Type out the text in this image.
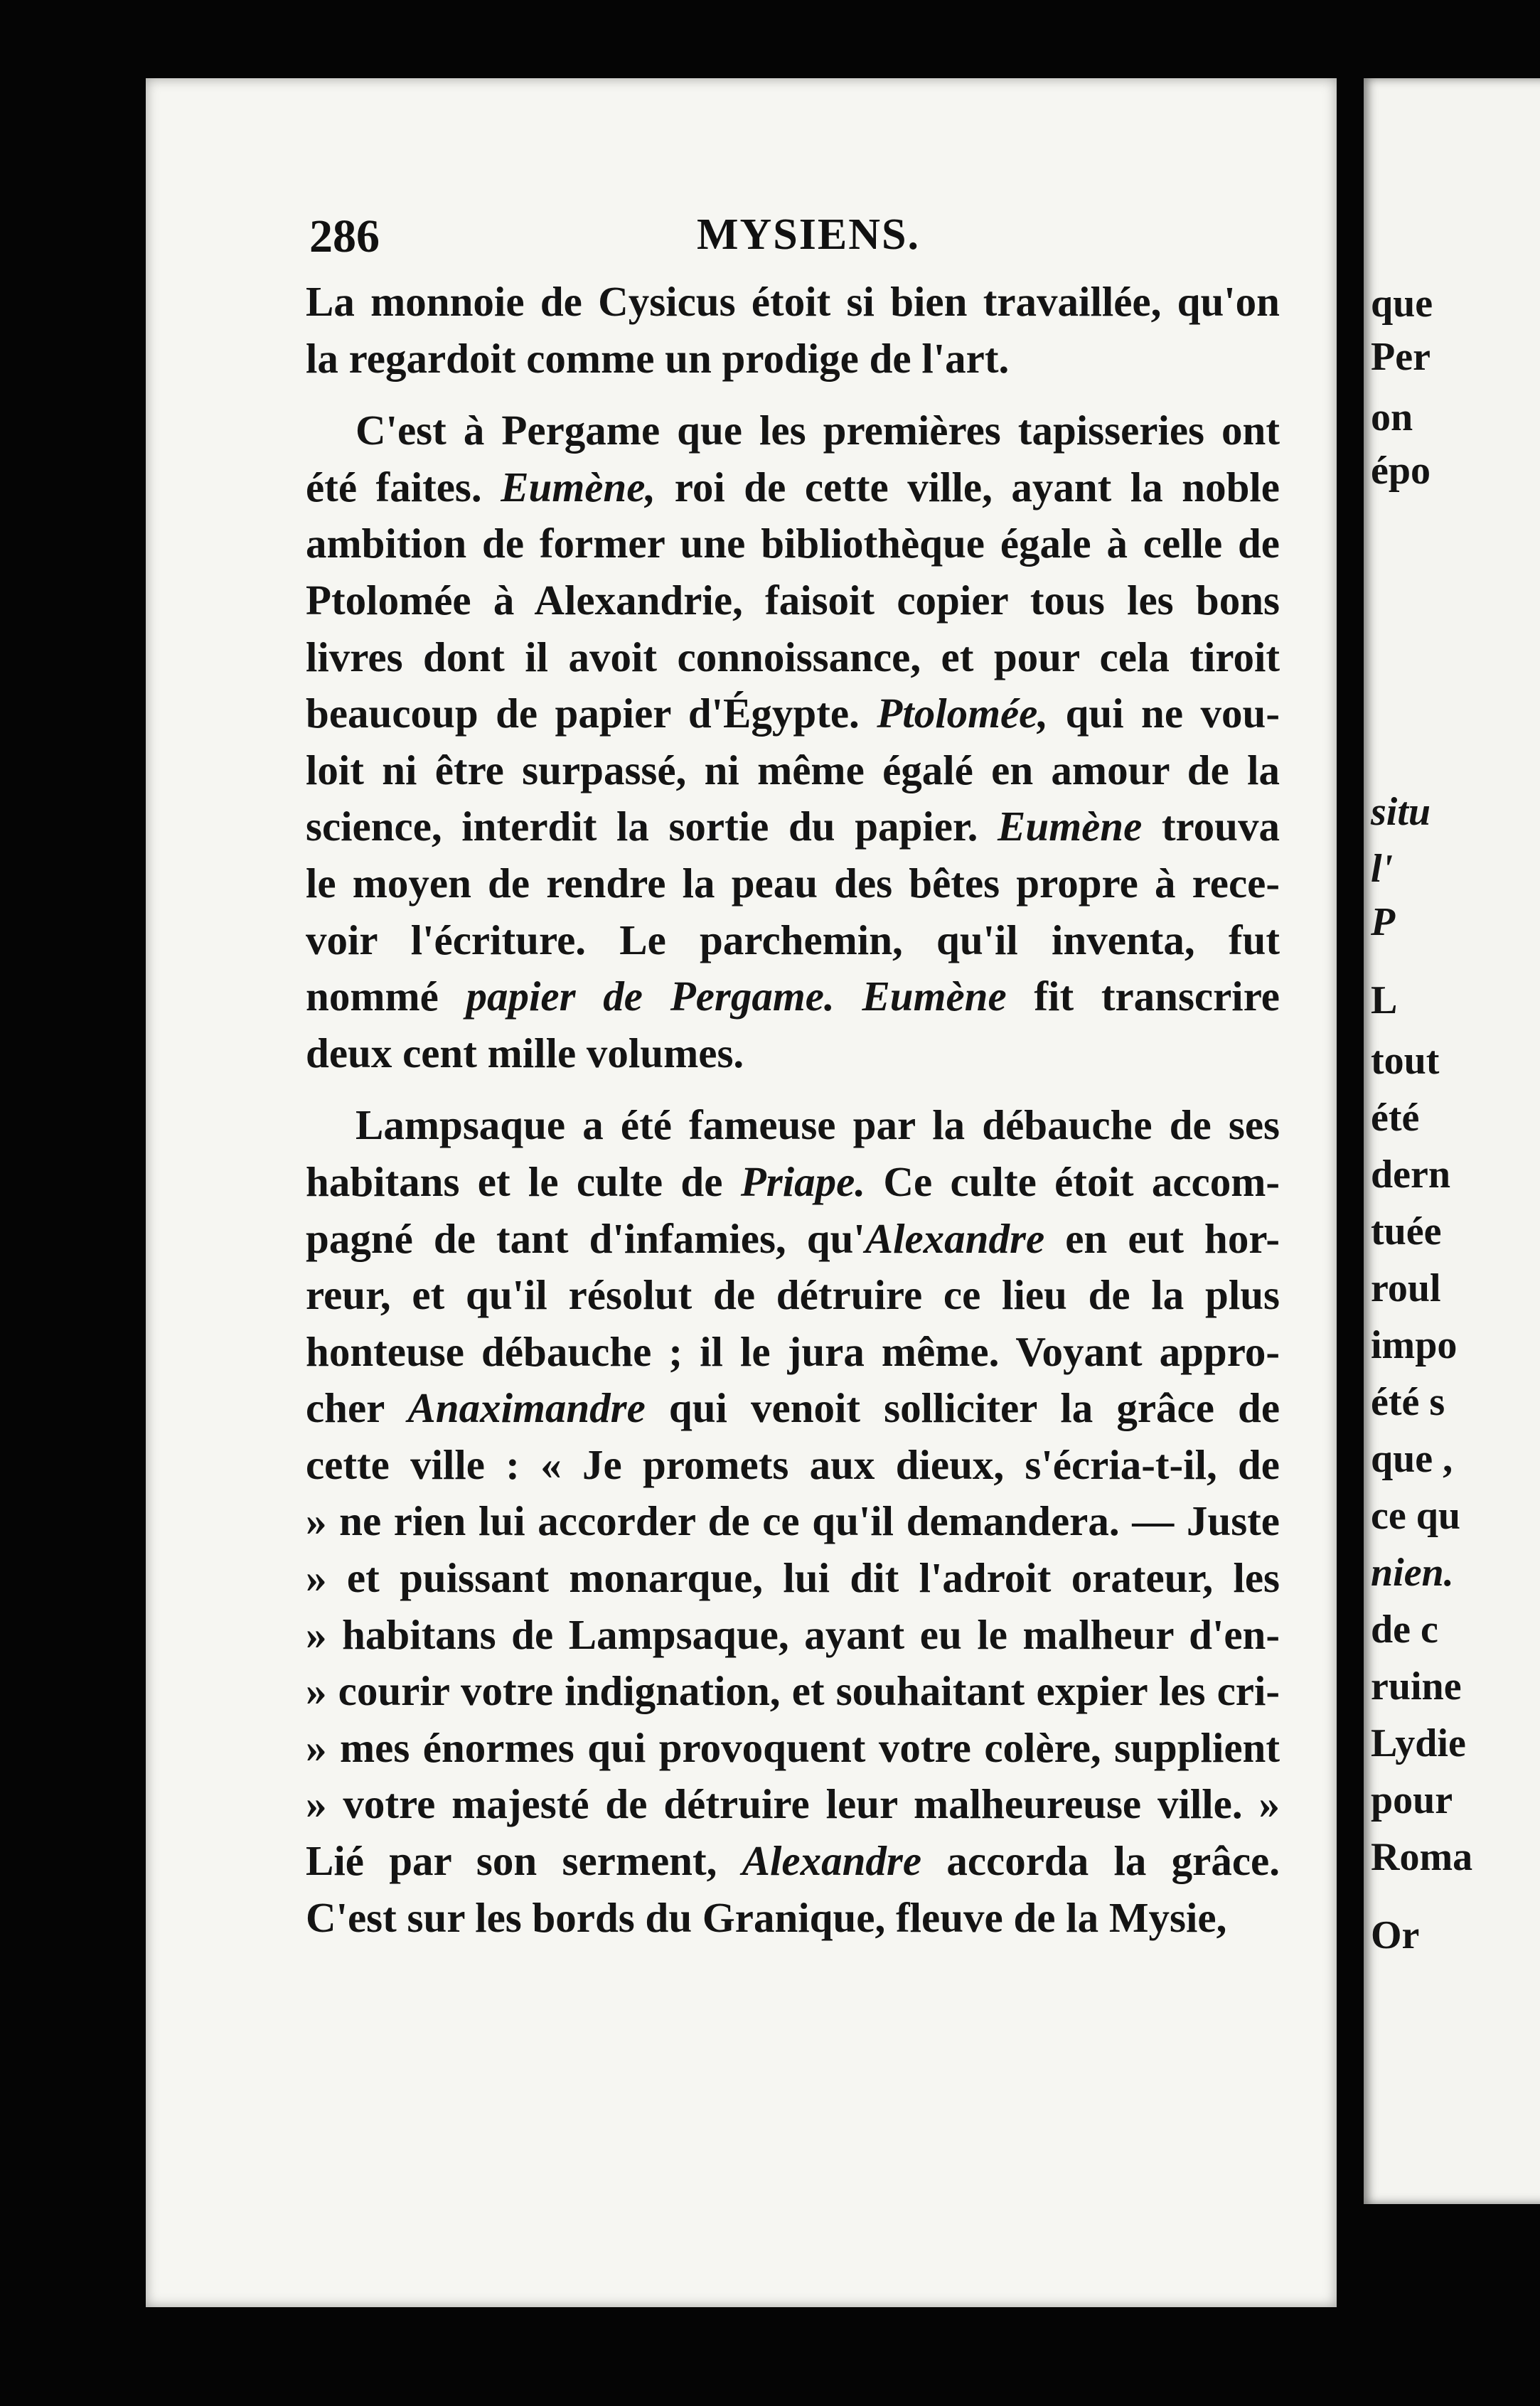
que
Per
on
épo
situ
l'
P
L
tout
été
dern
tuée
roul
impo
été s
que ,
ce qu
nien.
de c
ruine
Lydie
pour
Roma
Or
286	MYSIENS.
La monnoie de Cysicus étoit si bien travaillée, qu'on
la regardoit comme un prodige de l'art.
C'est à Pergame que les premières tapisseries ont
été faites. Eumène, roi de cette ville, ayant la noble
ambition de former une bibliothèque égale à celle de
Ptolomée à Alexandrie, faisoit copier tous les bons
livres dont il avoit connoissance, et pour cela tiroit
beaucoup de papier d'Égypte. Ptolomée, qui ne vou-
loit ni être surpassé, ni même égalé en amour de la
science, interdit la sortie du papier. Eumène trouva
le moyen de rendre la peau des bêtes propre à rece-
voir l'écriture. Le parchemin, qu'il inventa, fut
nommé papier de Pergame. Eumène fit transcrire
deux cent mille volumes.
Lampsaque a été fameuse par la débauche de ses
habitans et le culte de Priape. Ce culte étoit accom-
pagné de tant d'infamies, qu'Alexandre en eut hor-
reur, et qu'il résolut de détruire ce lieu de la plus
honteuse débauche ; il le jura même. Voyant appro-
cher Anaximandre qui venoit solliciter la grâce de
cette ville : « Je promets aux dieux, s'écria-t-il, de
» ne rien lui accorder de ce qu'il demandera. — Juste
» et puissant monarque, lui dit l'adroit orateur, les
» habitans de Lampsaque, ayant eu le malheur d'en-
» courir votre indignation, et souhaitant expier les cri-
» mes énormes qui provoquent votre colère, supplient
» votre majesté de détruire leur malheureuse ville. »
Lié par son serment, Alexandre accorda la grâce.
C'est sur les bords du Granique, fleuve de la Mysie,
